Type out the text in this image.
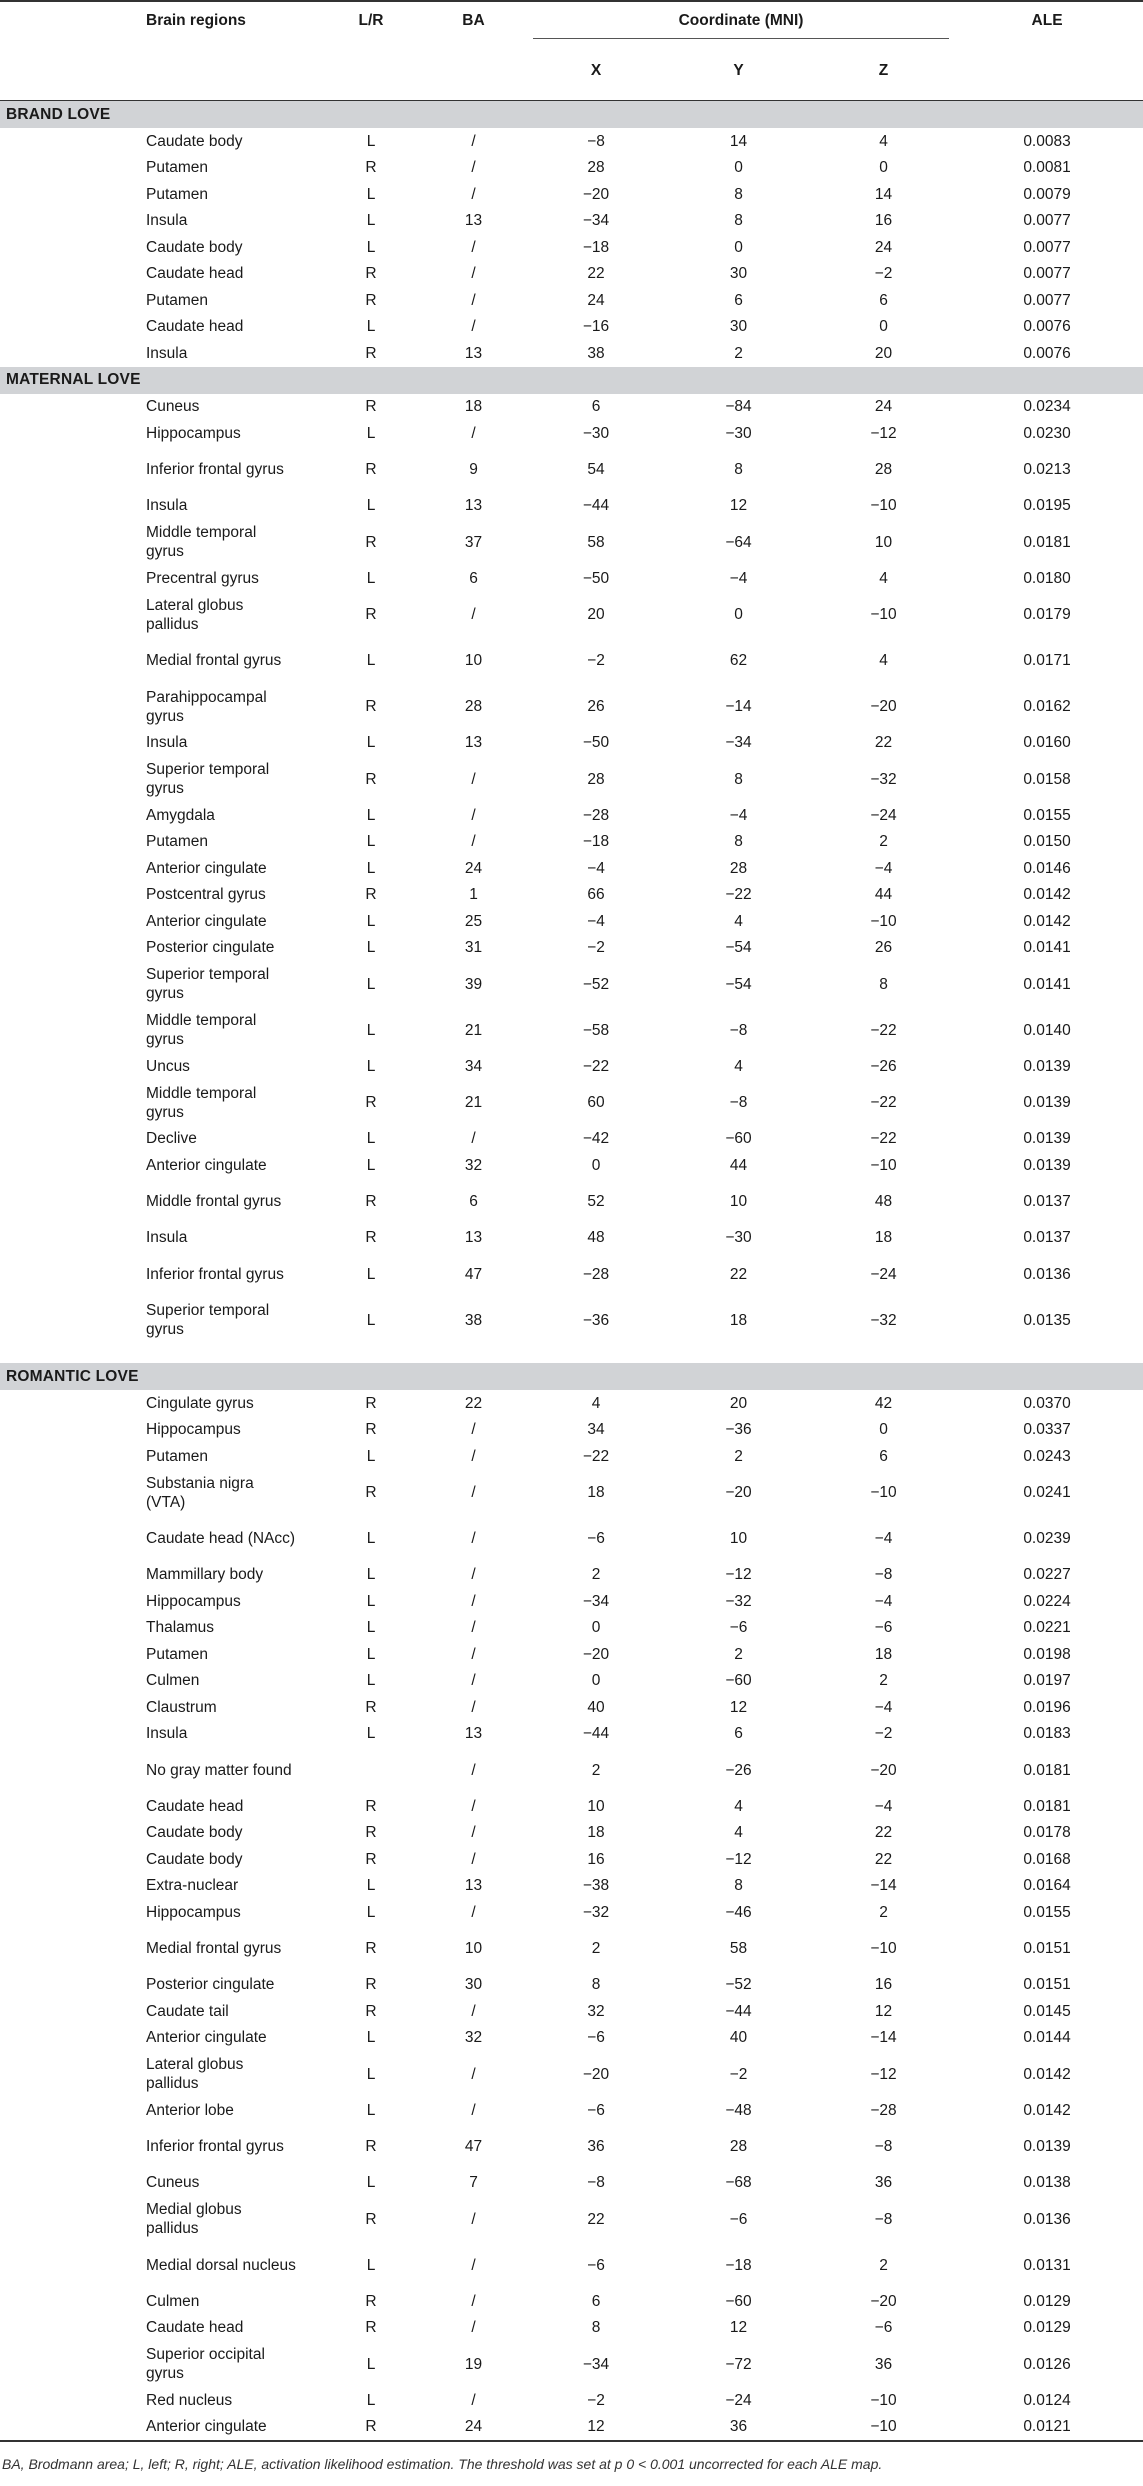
Brain regions	L/R	BA	Coordinate (MNI)			ALE
			X	Y	Z	

BRAND LOVE						
Caudate body	L	/	−8	14	4	0.0083
Putamen	R	/	28	0	0	0.0081
Putamen	L	/	−20	8	14	0.0079
Insula	L	13	−34	8	16	0.0077
Caudate body	L	/	−18	0	24	0.0077
Caudate head	R	/	22	30	−2	0.0077
Putamen	R	/	24	6	6	0.0077
Caudate head	L	/	−16	30	0	0.0076
Insula	R	13	38	2	20	0.0076
MATERNAL LOVE						
Cuneus	R	18	6	−84	24	0.0234
Hippocampus	L	/	−30	−30	−12	0.0230
Inferior frontal gyrus	R	9	54	8	28	0.0213
Insula	L	13	−44	12	−10	0.0195
Middle temporal gyrus	R	37	58	−64	10	0.0181
Precentral gyrus	L	6	−50	−4	4	0.0180
Lateral globus pallidus	R	/	20	0	−10	0.0179
Medial frontal gyrus	L	10	−2	62	4	0.0171
Parahippocampal gyrus	R	28	26	−14	−20	0.0162
Insula	L	13	−50	−34	22	0.0160
Superior temporal gyrus	R	/	28	8	−32	0.0158
Amygdala	L	/	−28	−4	−24	0.0155
Putamen	L	/	−18	8	2	0.0150
Anterior cingulate	L	24	−4	28	−4	0.0146
Postcentral gyrus	R	1	66	−22	44	0.0142
Anterior cingulate	L	25	−4	4	−10	0.0142
Posterior cingulate	L	31	−2	−54	26	0.0141
Superior temporal gyrus	L	39	−52	−54	8	0.0141
Middle temporal gyrus	L	21	−58	−8	−22	0.0140
Uncus	L	34	−22	4	−26	0.0139
Middle temporal gyrus	R	21	60	−8	−22	0.0139
Declive	L	/	−42	−60	−22	0.0139
Anterior cingulate	L	32	0	44	−10	0.0139
Middle frontal gyrus	R	6	52	10	48	0.0137
Insula	R	13	48	−30	18	0.0137
Inferior frontal gyrus	L	47	−28	22	−24	0.0136
Superior temporal gyrus	L	38	−36	18	−32	0.0135

ROMANTIC LOVE						
Cingulate gyrus	R	22	4	20	42	0.0370
Hippocampus	R	/	34	−36	0	0.0337
Putamen	L	/	−22	2	6	0.0243
Substania nigra (VTA)	R	/	18	−20	−10	0.0241
Caudate head (NAcc)	L	/	−6	10	−4	0.0239
Mammillary body	L	/	2	−12	−8	0.0227
Hippocampus	L	/	−34	−32	−4	0.0224
Thalamus	L	/	0	−6	−6	0.0221
Putamen	L	/	−20	2	18	0.0198
Culmen	L	/	0	−60	2	0.0197
Claustrum	R	/	40	12	−4	0.0196
Insula	L	13	−44	6	−2	0.0183
No gray matter found		/	2	−26	−20	0.0181
Caudate head	R	/	10	4	−4	0.0181
Caudate body	R	/	18	4	22	0.0178
Caudate body	R	/	16	−12	22	0.0168
Extra-nuclear	L	13	−38	8	−14	0.0164
Hippocampus	L	/	−32	−46	2	0.0155
Medial frontal gyrus	R	10	2	58	−10	0.0151
Posterior cingulate	R	30	8	−52	16	0.0151
Caudate tail	R	/	32	−44	12	0.0145
Anterior cingulate	L	32	−6	40	−14	0.0144
Lateral globus pallidus	L	/	−20	−2	−12	0.0142
Anterior lobe	L	/	−6	−48	−28	0.0142
Inferior frontal gyrus	R	47	36	28	−8	0.0139
Cuneus	L	7	−8	−68	36	0.0138
Medial globus pallidus	R	/	22	−6	−8	0.0136
Medial dorsal nucleus	L	/	−6	−18	2	0.0131
Culmen	R	/	6	−60	−20	0.0129
Caudate head	R	/	8	12	−6	0.0129
Superior occipital gyrus	L	19	−34	−72	36	0.0126
Red nucleus	L	/	−2	−24	−10	0.0124
Anterior cingulate	R	24	12	36	−10	0.0121
BA, Brodmann area; L, left; R, right; ALE, activation likelihood estimation. The threshold was set at p 0 < 0.001 uncorrected for each ALE map.						
